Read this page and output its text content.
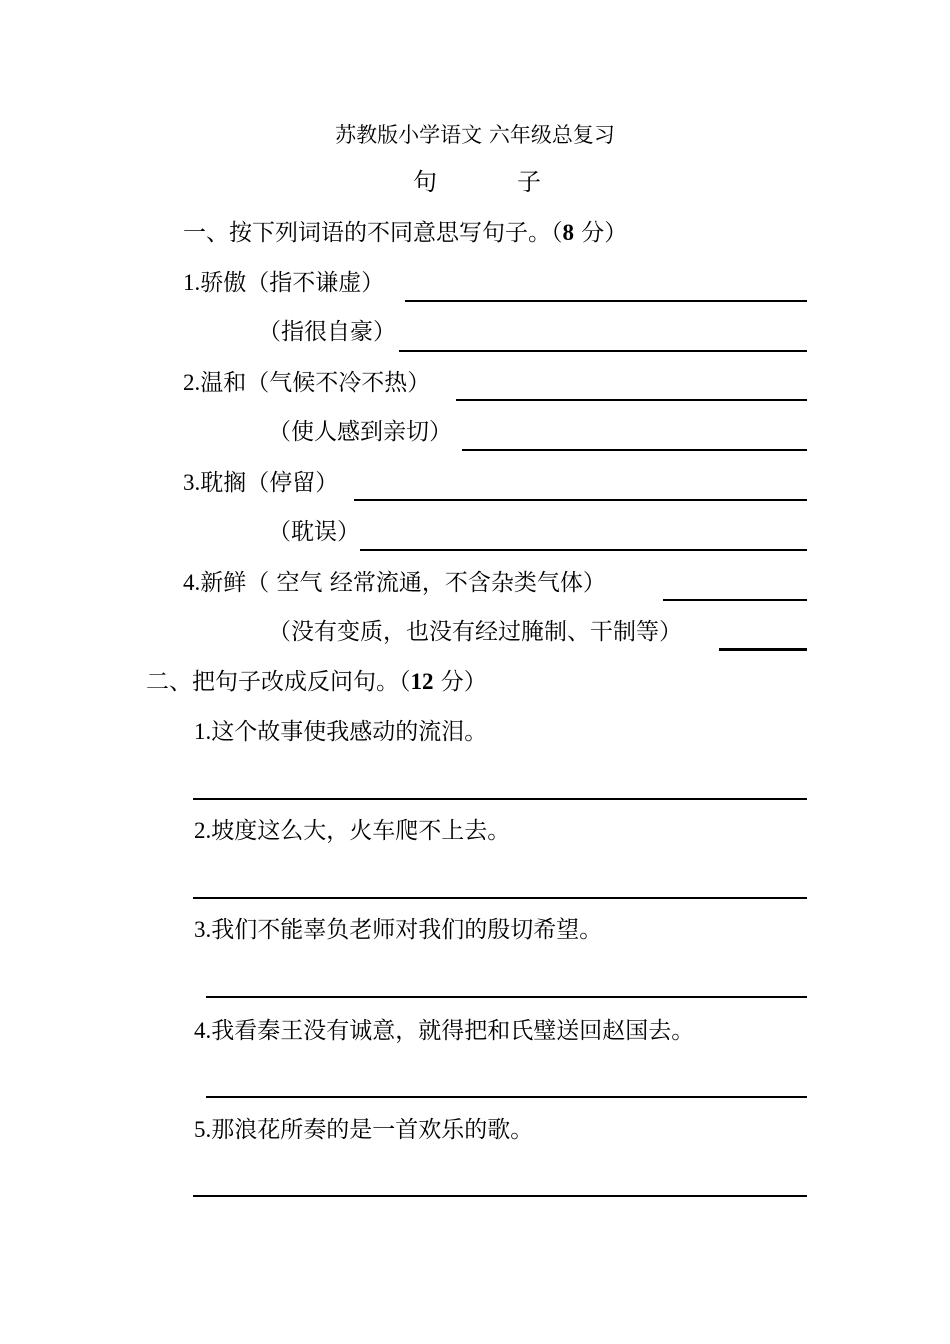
苏教版小学语文 六年级总复习
句	子
一、按下列词语的不同意思写句子。（8 分）
1.骄傲（指不谦虚）
（指很自豪）
2.温和（气候不冷不热）
（使人感到亲切）
3.耽搁（停留）
（耽误）
4.新鲜（ 空气 经常流通，不含杂类气体）
（没有变质，也没有经过腌制、干制等）
二、把句子改成反问句。（12 分）
1.这个故事使我感动的流泪。
2.坡度这么大，火车爬不上去。
3.我们不能辜负老师对我们的殷切希望。
4.我看秦王没有诚意，就得把和氏璧送回赵国去。
5.那浪花所奏的是一首欢乐的歌。
